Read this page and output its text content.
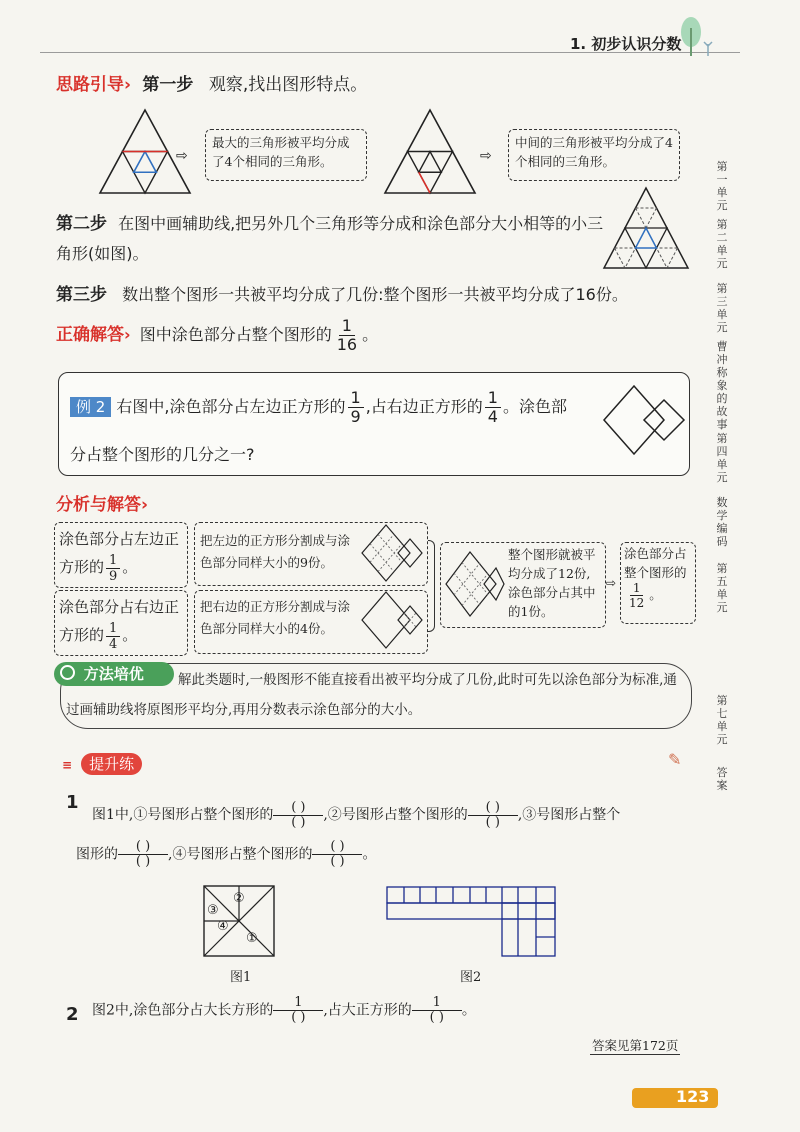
1. 初步认识分数
思路引导› 第一步 观察,找出图形特点。
⇨
最大的三角形被平均分成了4个相同的三角形。	⇨
中间的三角形被平均分成了4个相同的三角形。
第二步 在图中画辅助线,把另外几个三角形等分成和涂色部分大小相等的小三角形(如图)。
第三步 数出整个图形一共被平均分成了几份:整个图形一共被平均分成了16份。
正确解答› 图中涂色部分占整个图形的 $\frac{1}{16}$ 。
例 2 右图中,涂色部分占左边正方形的 $\frac{1}{9}$ ,占右边正方形的 $\frac{1}{4}$ 。涂色部
分占整个图形的几分之一?
分析与解答›
涂色部分占左边正方形的 $\frac{1}{9}$ 。
把左边的正方形分割成与涂色部分同样大小的9份。
涂色部分占右边正方形的 $\frac{1}{4}$ 。
把右边的正方形分割成与涂色部分同样大小的4份。
整个图形就被平均分成了12份,涂色部分占其中的1份。
⇨
涂色部分占整个图形的
$\frac{1}{12}$ 。
方法培优	解此类题时,一般图形不能直接看出被平均分成了几份,此时可先以涂色部分为标准,通过画辅助线将原图形平均分,再用分数表示涂色部分的大小。
≡ 提升练	✎
1
图1中,①号图形占整个图形的	( )
( ) ,②号图形占整个图形的	( )
( ) ,③号图形占整个
图形的	( )
( ) ,④号图形占整个图形的	( )
( ) 。
②
③
④
①
图1	图2
2 图2中,涂色部分占大长方形的	1
( ) ,占大正方形的	1
( ) 。
答案见第172页
123
第一单元
第二单元
第三单元
曹冲称象的故事
第四单元
数学编码
第五单元
第七单元
答案
